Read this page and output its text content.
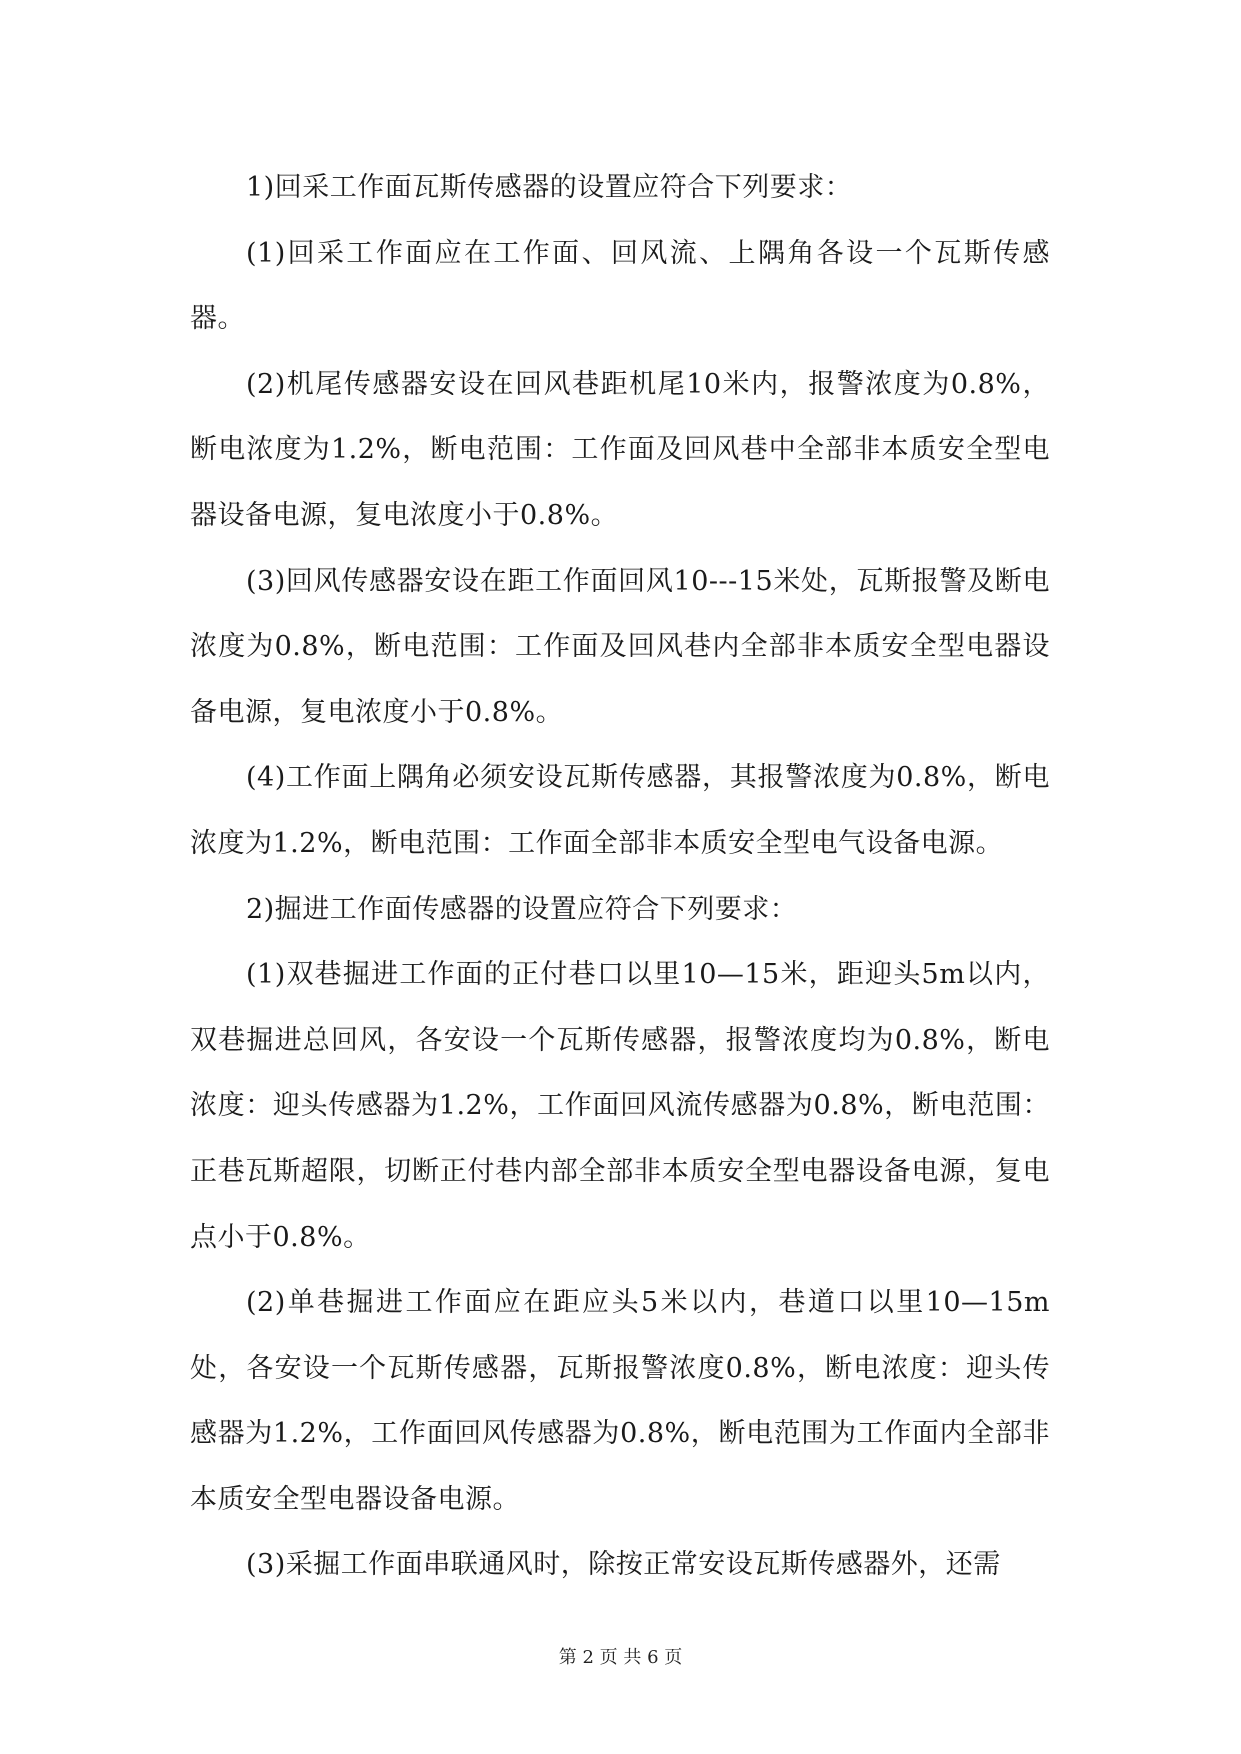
1)回采工作面瓦斯传感器的设置应符合下列要求：

(1)回采工作面应在工作面、回风流、上隅角各设一个瓦斯传感器。

(2)机尾传感器安设在回风巷距机尾10米内，报警浓度为0.8%，断电浓度为1.2%，断电范围：工作面及回风巷中全部非本质安全型电器设备电源，复电浓度小于0.8%。

(3)回风传感器安设在距工作面回风10---15米处，瓦斯报警及断电浓度为0.8%，断电范围：工作面及回风巷内全部非本质安全型电器设备电源，复电浓度小于0.8%。

(4)工作面上隅角必须安设瓦斯传感器，其报警浓度为0.8%，断电浓度为1.2%，断电范围：工作面全部非本质安全型电气设备电源。

2)掘进工作面传感器的设置应符合下列要求：

(1)双巷掘进工作面的正付巷口以里10—15米，距迎头5m以内，双巷掘进总回风，各安设一个瓦斯传感器，报警浓度均为0.8%，断电浓度：迎头传感器为1.2%，工作面回风流传感器为0.8%，断电范围：正巷瓦斯超限，切断正付巷内部全部非本质安全型电器设备电源，复电点小于0.8%。

(2)单巷掘进工作面应在距应头5米以内，巷道口以里10—15m处，各安设一个瓦斯传感器，瓦斯报警浓度0.8%，断电浓度：迎头传感器为1.2%，工作面回风传感器为0.8%，断电范围为工作面内全部非本质安全型电器设备电源。

(3)采掘工作面串联通风时，除按正常安设瓦斯传感器外，还需

第 2 页 共 6 页
